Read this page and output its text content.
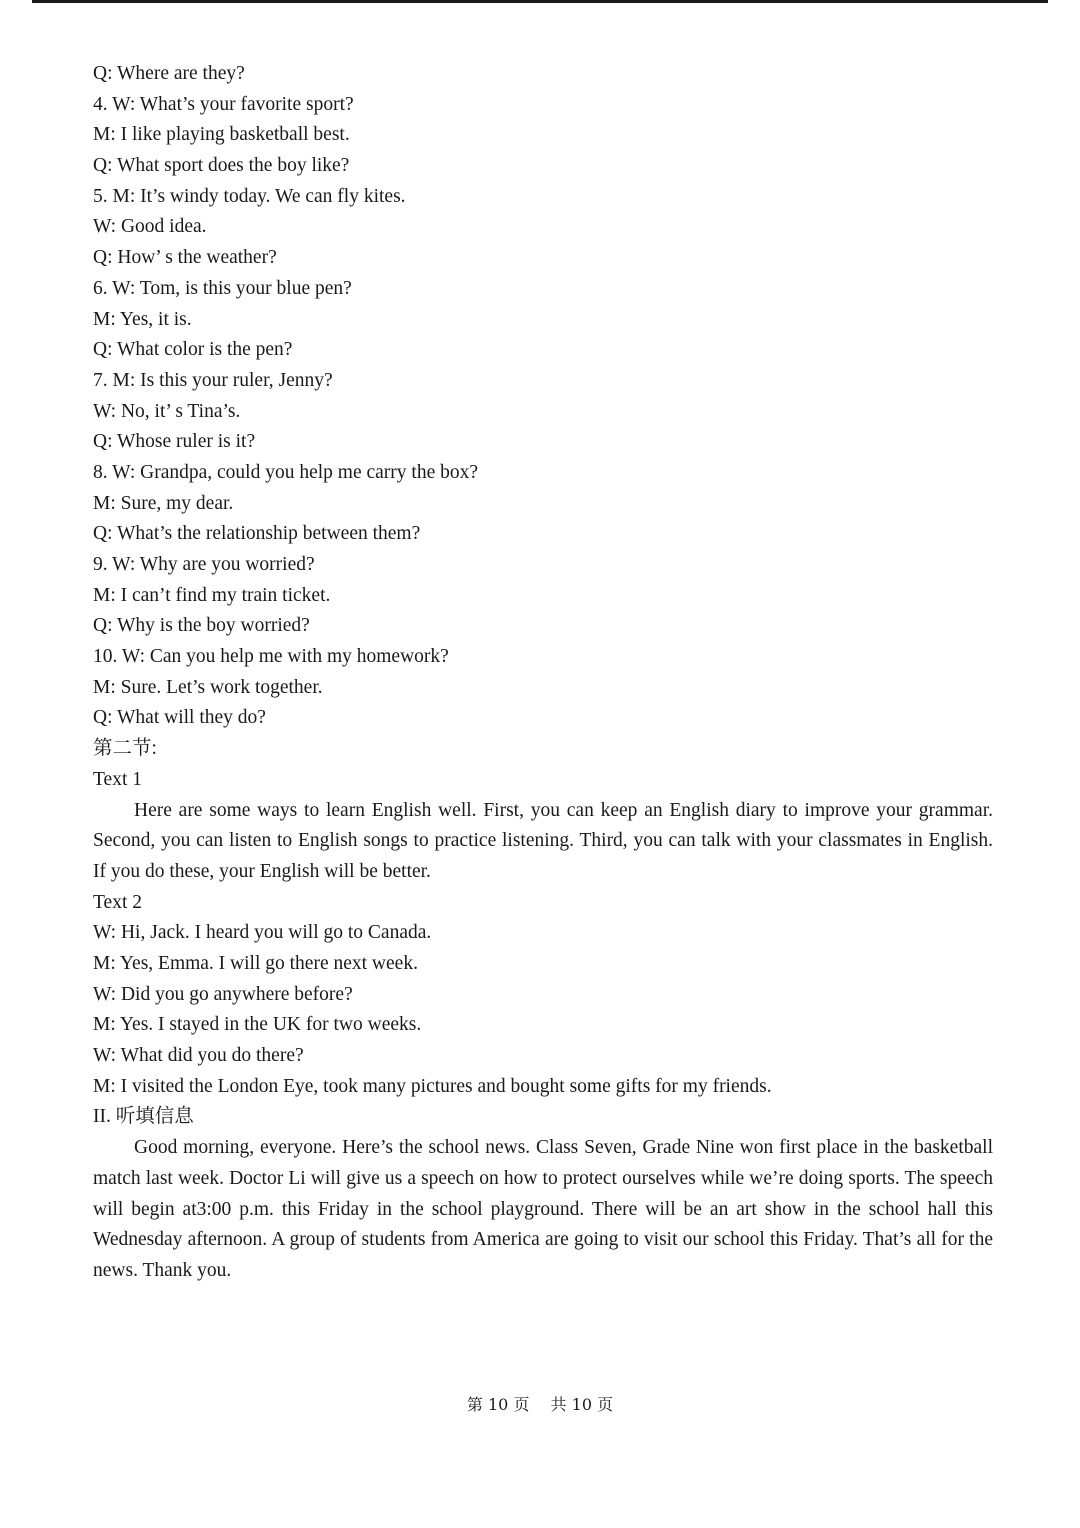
Q: Where are they?
4. W: What’s your favorite sport?
M: I like playing basketball best.
Q: What sport does the boy like?
5. M: It’s windy today. We can fly kites.
W: Good idea.
Q: How’ s the weather?
6. W: Tom, is this your blue pen?
M: Yes, it is.
Q: What color is the pen?
7. M: Is this your ruler, Jenny?
W: No, it’ s Tina’s.
Q: Whose ruler is it?
8. W: Grandpa, could you help me carry the box?
M: Sure, my dear.
Q: What’s the relationship between them?
9. W: Why are you worried?
M: I can’t find my train ticket.
Q: Why is the boy worried?
10. W: Can you help me with my homework?
M: Sure. Let’s work together.
Q: What will they do?
第二节:
Text 1

Here are some ways to learn English well. First, you can keep an English diary to improve your grammar. Second, you can listen to English songs to practice listening. Third, you can talk with your classmates in English. If you do these, your English will be better.

Text 2
W: Hi, Jack. I heard you will go to Canada.
M: Yes, Emma. I will go there next week.
W: Did you go anywhere before?
M: Yes. I stayed in the UK for two weeks.
W: What did you do there?
M: I visited the London Eye, took many pictures and bought some gifts for my friends.
II. 听填信息

Good morning, everyone. Here’s the school news. Class Seven, Grade Nine won first place in the basketball match last week. Doctor Li will give us a speech on how to protect ourselves while we’re doing sports. The speech will begin at3:00 p.m. this Friday in the school playground. There will be an art show in the school hall this Wednesday afternoon. A group of students from America are going to visit our school this Friday. That’s all for the news. Thank you.

第 10 页 共 10 页
